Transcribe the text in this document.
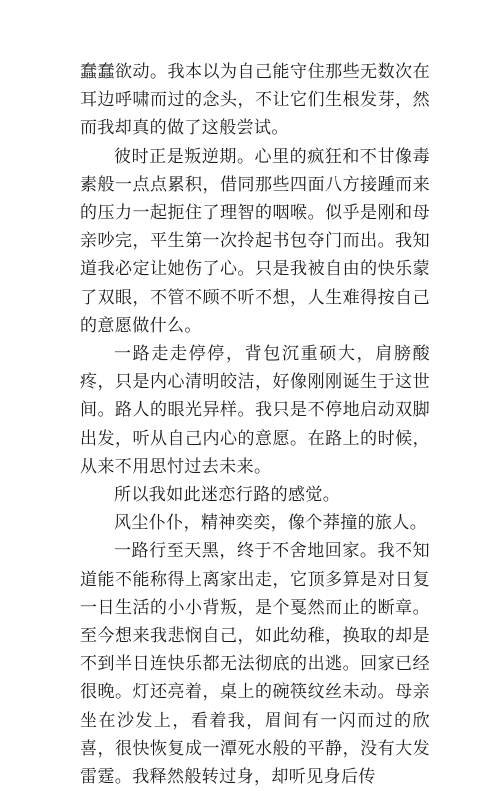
蠢蠢欲动。我本以为自己能守住那些无数次在耳边呼啸而过的念头，不让它们生根发芽，然而我却真的做了这般尝试。

彼时正是叛逆期。心里的疯狂和不甘像毒素般一点点累积，借同那些四面八方接踵而来的压力一起扼住了理智的咽喉。似乎是刚和母亲吵完，平生第一次拎起书包夺门而出。我知道我必定让她伤了心。只是我被自由的快乐蒙了双眼，不管不顾不听不想，人生难得按自己的意愿做什么。

一路走走停停，背包沉重硕大，肩膀酸疼，只是内心清明皎洁，好像刚刚诞生于这世间。路人的眼光异样。我只是不停地启动双脚出发，听从自己内心的意愿。在路上的时候，从来不用思忖过去未来。

所以我如此迷恋行路的感觉。

风尘仆仆，精神奕奕，像个莽撞的旅人。

一路行至天黑，终于不舍地回家。我不知道能不能称得上离家出走，它顶多算是对日复一日生活的小小背叛，是个戛然而止的断章。至今想来我悲悯自己，如此幼稚，换取的却是不到半日连快乐都无法彻底的出逃。回家已经很晚。灯还亮着，桌上的碗筷纹丝未动。母亲坐在沙发上，看着我，眉间有一闪而过的欣喜，很快恢复成一潭死水般的平静，没有大发雷霆。我释然般转过身，却听见身后传
